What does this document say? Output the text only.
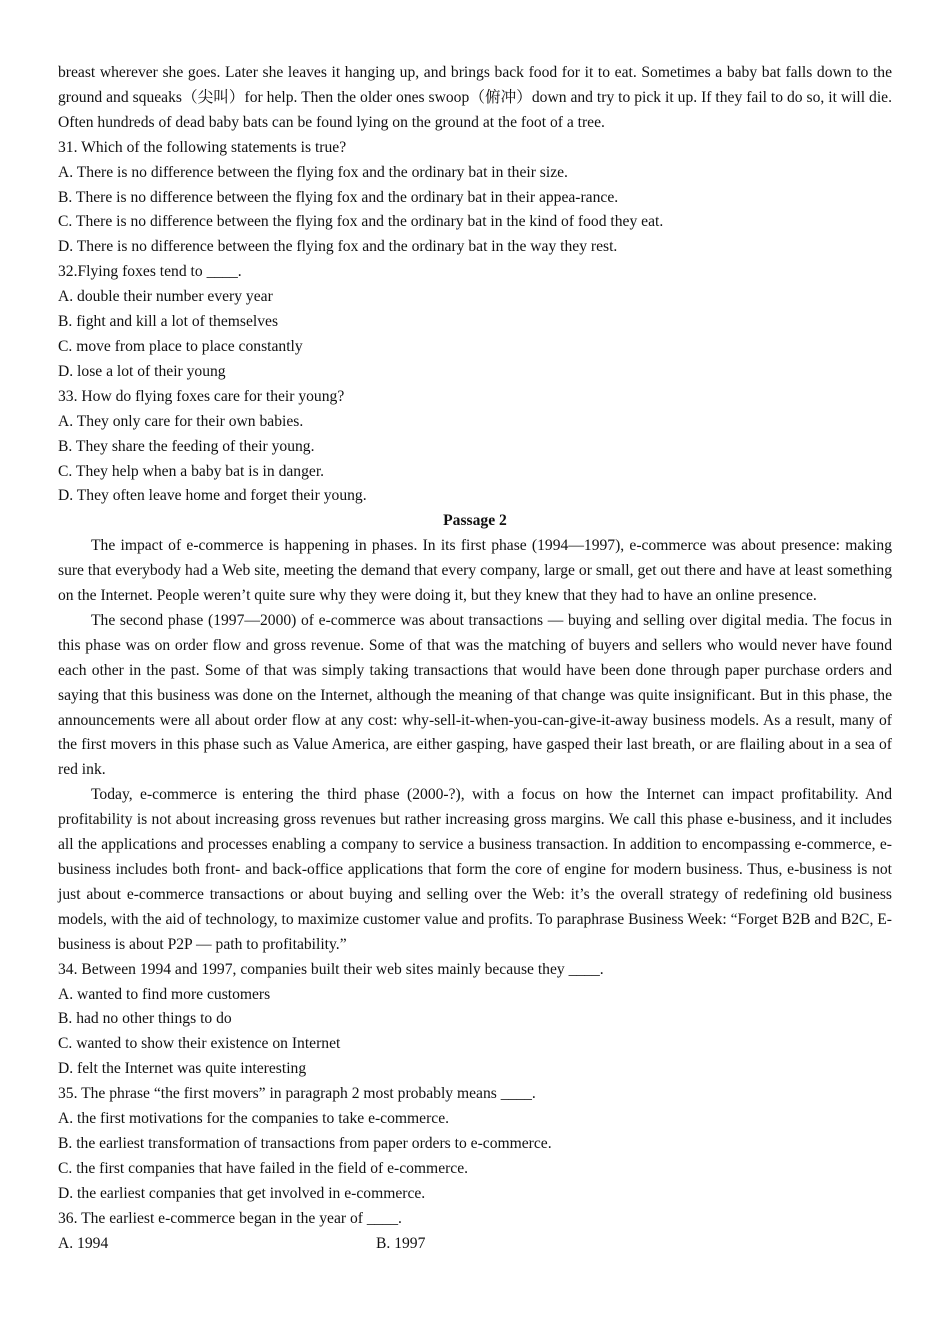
breast wherever she goes. Later she leaves it hanging up, and brings back food for it to eat. Sometimes a baby bat falls down to the ground and squeaks（尖叫）for help. Then the older ones swoop（俯冲）down and try to pick it up. If they fail to do so, it will die. Often hundreds of dead baby bats can be found lying on the ground at the foot of a tree.

31. Which of the following statements is true?

A. There is no difference between the flying fox and the ordinary bat in their size.

B. There is no difference between the flying fox and the ordinary bat in their appea-rance.

C. There is no difference between the flying fox and the ordinary bat in the kind of food they eat.

D. There is no difference between the flying fox and the ordinary bat in the way they rest.

32.Flying foxes tend to ____.

A. double their number every year

B. fight and kill a lot of themselves

C. move from place to place constantly

D. lose a lot of their young

33. How do flying foxes care for their young?

A. They only care for their own babies.

B. They share the feeding of their young.

C. They help when a baby bat is in danger.

D. They often leave home and forget their young.

Passage 2

The impact of e-commerce is happening in phases. In its first phase (1994—1997), e-commerce was about presence: making sure that everybody had a Web site, meeting the demand that every company, large or small, get out there and have at least something on the Internet. People weren’t quite sure why they were doing it, but they knew that they had to have an online presence.

The second phase (1997—2000) of e-commerce was about transactions — buying and selling over digital media. The focus in this phase was on order flow and gross revenue. Some of that was the matching of buyers and sellers who would never have found each other in the past. Some of that was simply taking transactions that would have been done through paper purchase orders and saying that this business was done on the Internet, although the meaning of that change was quite insignificant. But in this phase, the announcements were all about order flow at any cost: why-sell-it-when-you-can-give-it-away business models. As a result, many of the first movers in this phase such as Value America, are either gasping, have gasped their last breath, or are flailing about in a sea of red ink.

Today, e-commerce is entering the third phase (2000-?), with a focus on how the Internet can impact profitability. And profitability is not about increasing gross revenues but rather increasing gross margins. We call this phase e-business, and it includes all the applications and processes enabling a company to service a business transaction. In addition to encompassing e-commerce, e-business includes both front- and back-office applications that form the core of engine for modern business. Thus, e-business is not just about e-commerce transactions or about buying and selling over the Web: it’s the overall strategy of redefining old business models, with the aid of technology, to maximize customer value and profits. To paraphrase Business Week: “Forget B2B and B2C, E-business is about P2P — path to profitability.”

34. Between 1994 and 1997, companies built their web sites mainly because they ____.

A. wanted to find more customers

B. had no other things to do

C. wanted to show their existence on Internet

D. felt the Internet was quite interesting

35. The phrase “the first movers” in paragraph 2 most probably means ____.

A. the first motivations for the companies to take e-commerce.

B. the earliest transformation of transactions from paper orders to e-commerce.

C. the first companies that have failed in the field of e-commerce.

D. the earliest companies that get involved in e-commerce.

36. The earliest e-commerce began in the year of ____.

A. 1994	B. 1997
